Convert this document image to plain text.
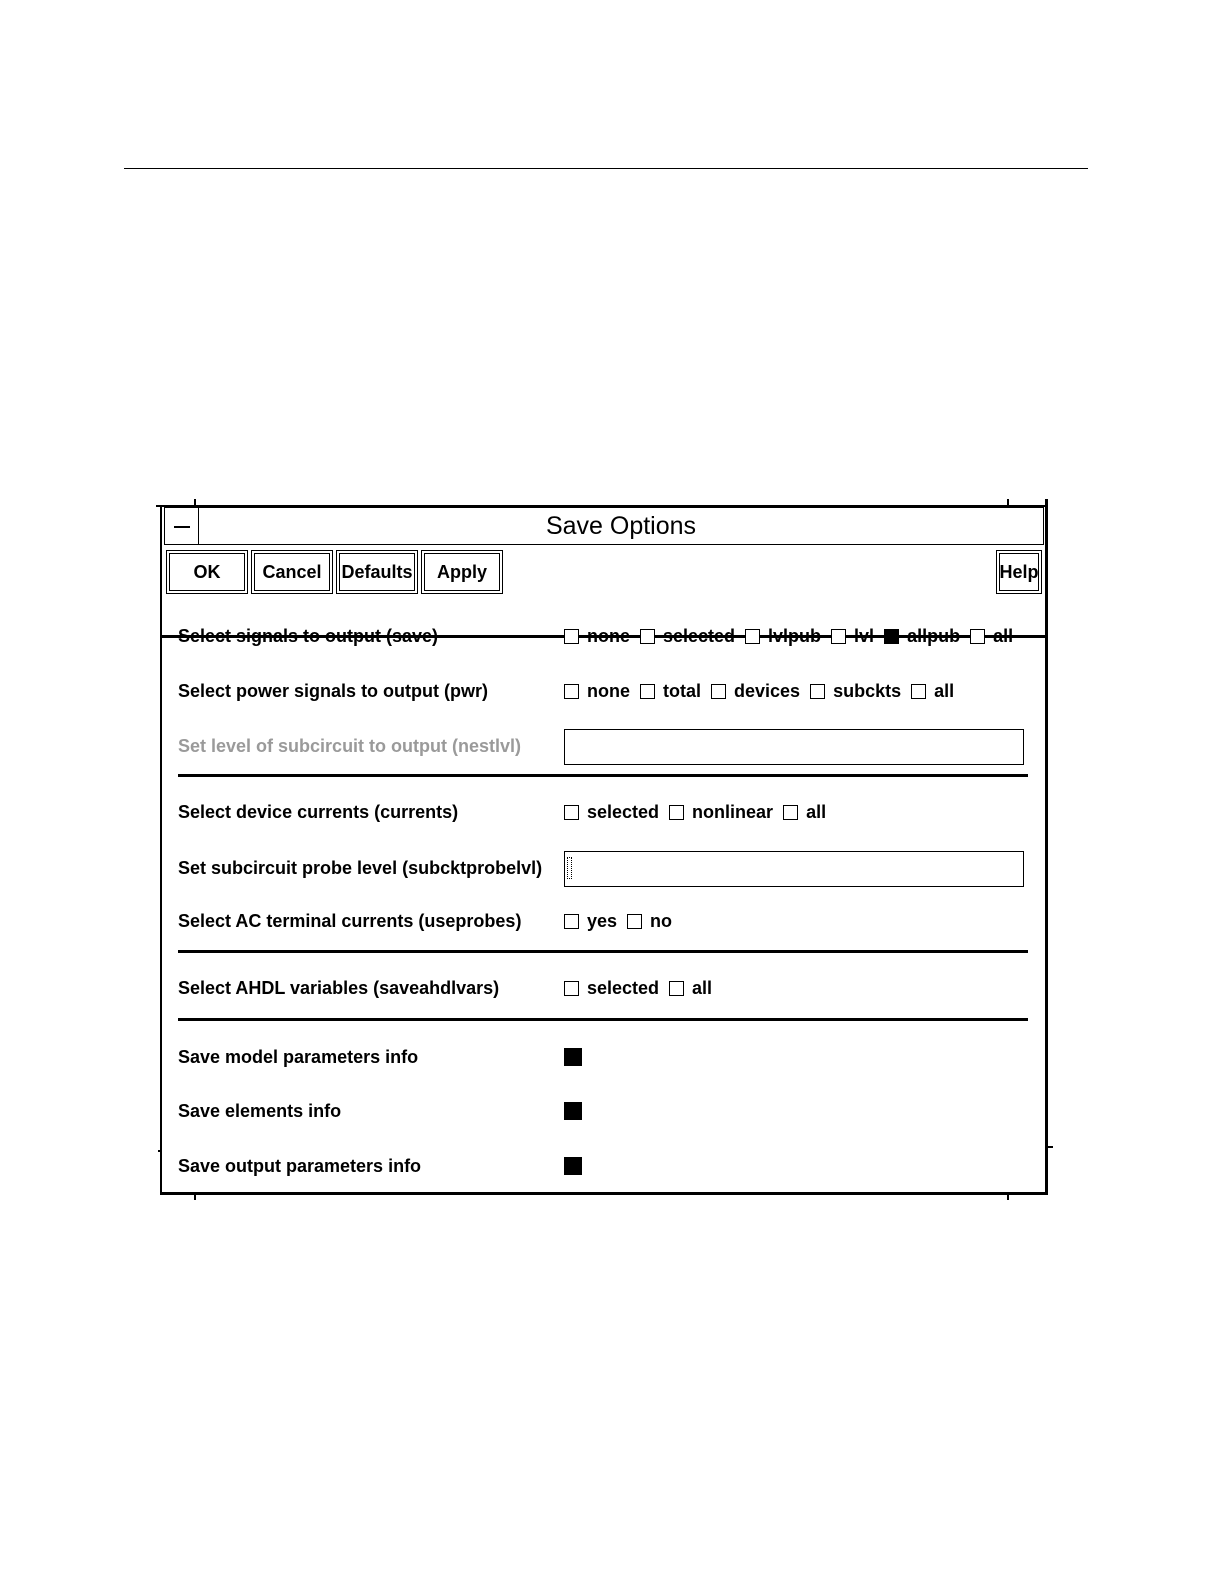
Save Options
OK	Cancel	Defaults	Apply	Help
Select signals to output (save)	none selected lvlpub lvl allpub all
Select power signals to output (pwr)	none total devices subckts all
Set level of subcircuit to output (nestlvl)
Select device currents (currents)	selected nonlinear all
Set subcircuit probe level (subcktprobelvl)
Select AC terminal currents (useprobes)	yes no
Select AHDL variables (saveahdlvars)	selected all
Save model parameters info
Save elements info
Save output parameters info
